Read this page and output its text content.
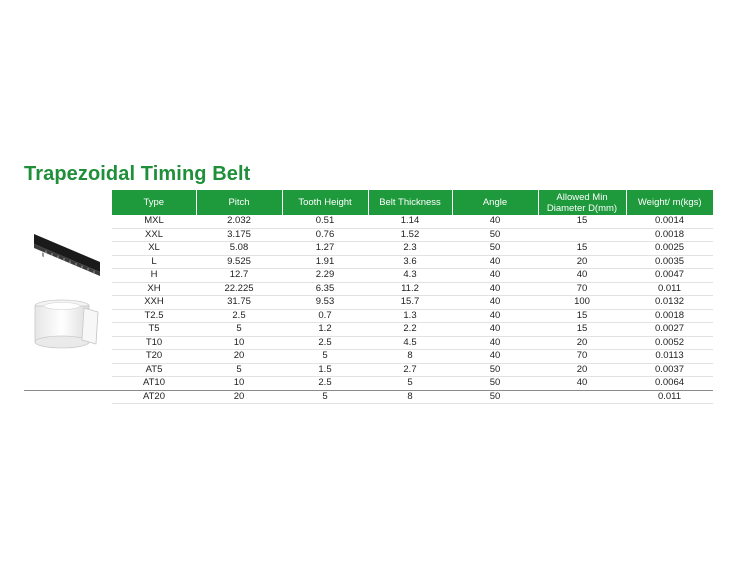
Trapezoidal Timing Belt
Type	Pitch	Tooth Height	Belt Thickness	Angle	Allowed Min Diameter D(mm)	Weight/ m(kgs)
MXL	2.032	0.51	1.14	40	15	0.0014
XXL	3.175	0.76	1.52	50		0.0018
XL	5.08	1.27	2.3	50	15	0.0025
L	9.525	1.91	3.6	40	20	0.0035
H	12.7	2.29	4.3	40	40	0.0047
XH	22.225	6.35	11.2	40	70	0.011
XXH	31.75	9.53	15.7	40	100	0.0132
T2.5	2.5	0.7	1.3	40	15	0.0018
T5	5	1.2	2.2	40	15	0.0027
T10	10	2.5	4.5	40	20	0.0052
T20	20	5	8	40	70	0.0113
AT5	5	1.5	2.7	50	20	0.0037
AT10	10	2.5	5	50	40	0.0064
AT20	20	5	8	50		0.011
